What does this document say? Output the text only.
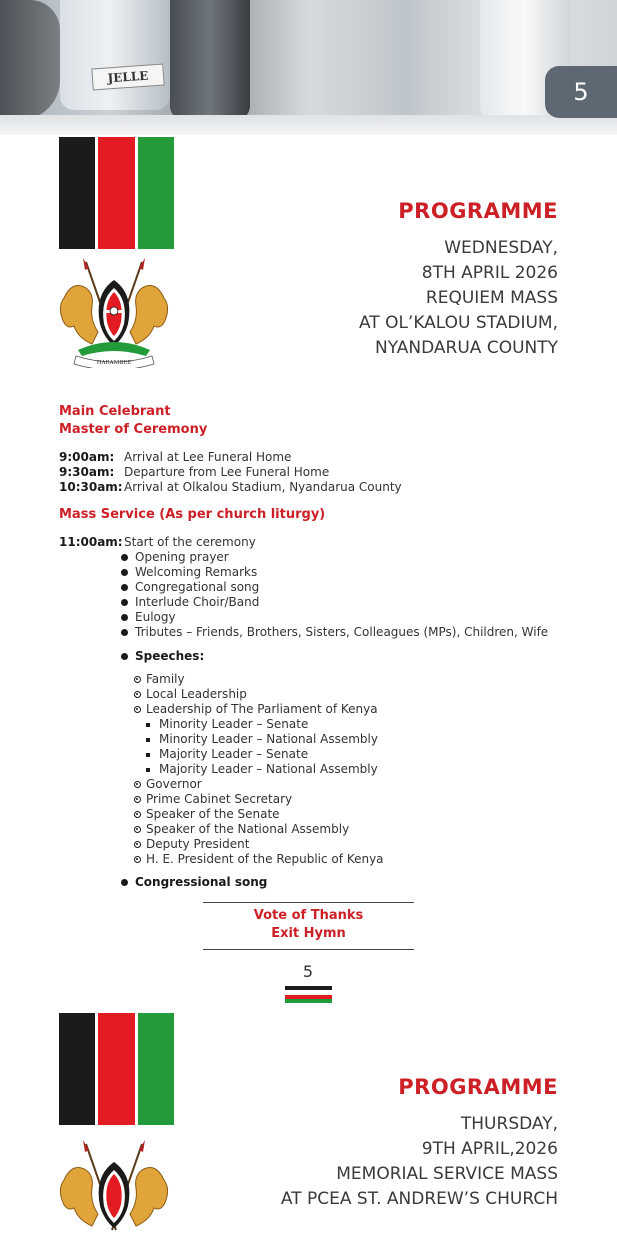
JELLE
5
HARAMBEE
PROGRAMME
WEDNESDAY,
8TH APRIL 2026
REQUIEM MASS
AT OL’KALOU STADIUM,
NYANDARUA COUNTY
Main Celebrant
Master of Ceremony
9:00am: Arrival at Lee Funeral Home
9:30am: Departure from Lee Funeral Home
10:30am: Arrival at Olkalou Stadium, Nyandarua County
Mass Service (As per church liturgy)
11:00am: Start of the ceremony
Opening prayer
Welcoming Remarks
Congregational song
Interlude Choir/Band
Eulogy
Tributes – Friends, Brothers, Sisters, Colleagues (MPs), Children, Wife
Speeches:
Family
Local Leadership
Leadership of The Parliament of Kenya
Minority Leader – Senate
Minority Leader – National Assembly
Majority Leader – Senate
Majority Leader – National Assembly
Governor
Prime Cabinet Secretary
Speaker of the Senate
Speaker of the National Assembly
Deputy President
H. E. President of the Republic of Kenya
Congressional song
Vote of Thanks
Exit Hymn
5
PROGRAMME
THURSDAY,
9TH APRIL,2026
MEMORIAL SERVICE MASS
AT PCEA ST. ANDREW’S CHURCH
